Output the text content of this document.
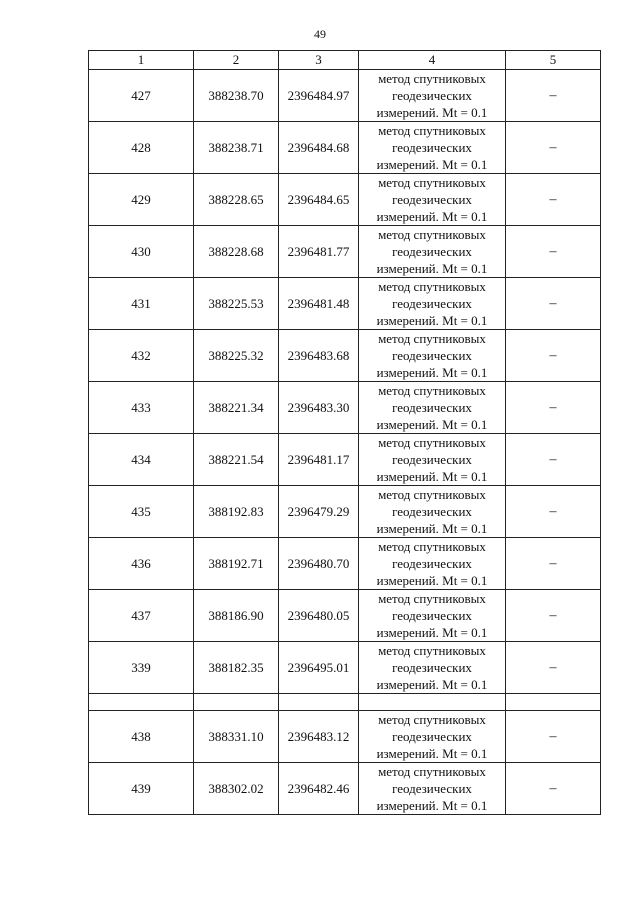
49
1	2	3	4	5
427	388238.70	2396484.97	метод спутниковых
геодезических
измерений. Mt = 0.1	–
428	388238.71	2396484.68	метод спутниковых
геодезических
измерений. Mt = 0.1	–
429	388228.65	2396484.65	метод спутниковых
геодезических
измерений. Mt = 0.1	–
430	388228.68	2396481.77	метод спутниковых
геодезических
измерений. Mt = 0.1	–
431	388225.53	2396481.48	метод спутниковых
геодезических
измерений. Mt = 0.1	–
432	388225.32	2396483.68	метод спутниковых
геодезических
измерений. Mt = 0.1	–
433	388221.34	2396483.30	метод спутниковых
геодезических
измерений. Mt = 0.1	–
434	388221.54	2396481.17	метод спутниковых
геодезических
измерений. Mt = 0.1	–
435	388192.83	2396479.29	метод спутниковых
геодезических
измерений. Mt = 0.1	–
436	388192.71	2396480.70	метод спутниковых
геодезических
измерений. Mt = 0.1	–
437	388186.90	2396480.05	метод спутниковых
геодезических
измерений. Mt = 0.1	–
339	388182.35	2396495.01	метод спутниковых
геодезических
измерений. Mt = 0.1	–

438	388331.10	2396483.12	метод спутниковых
геодезических
измерений. Mt = 0.1	–
439	388302.02	2396482.46	метод спутниковых
геодезических
измерений. Mt = 0.1	–
